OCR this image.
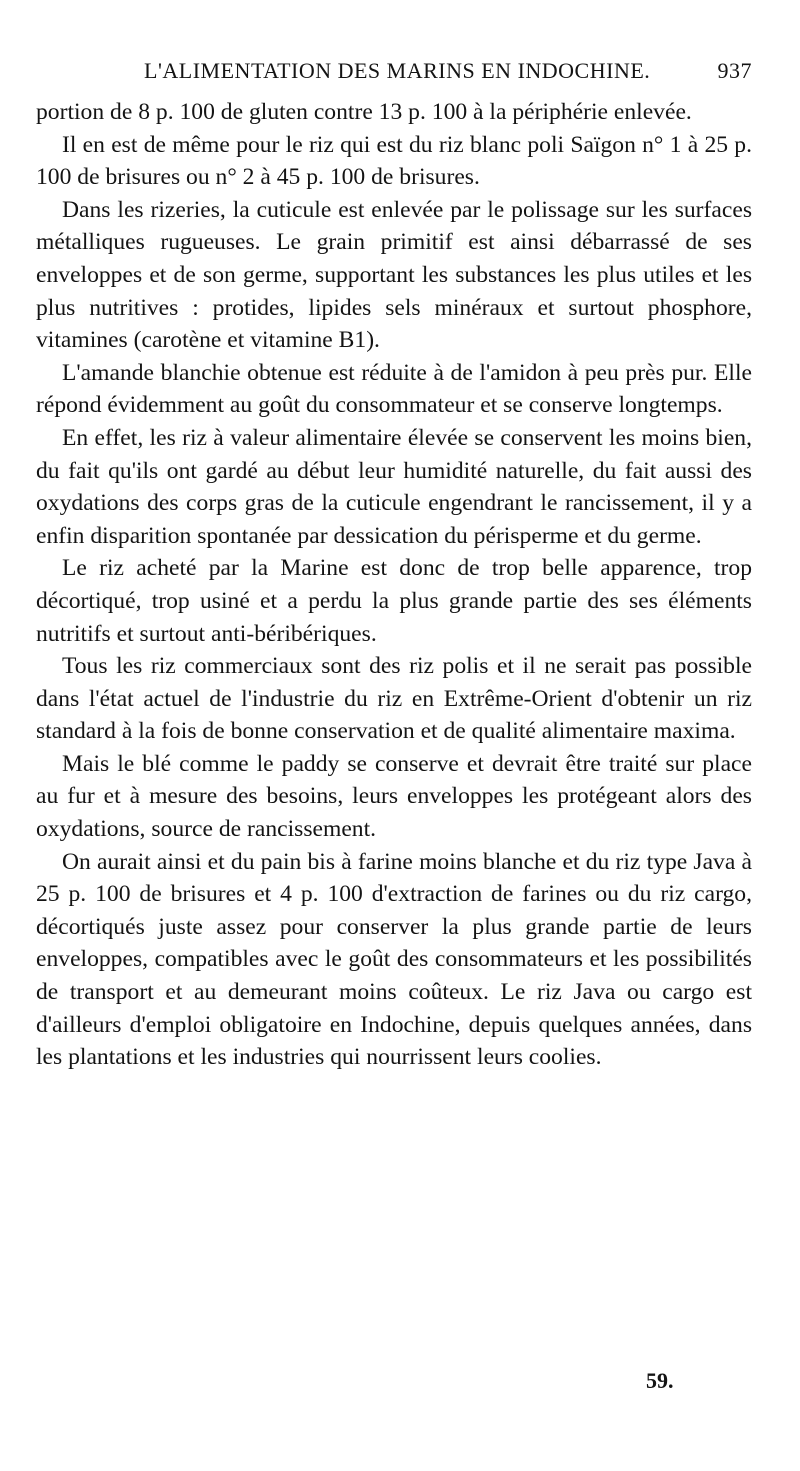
L'ALIMENTATION DES MARINS EN INDOCHINE.	937

portion de 8 p. 100 de gluten contre 13 p. 100 à la périphérie enlevée.

Il en est de même pour le riz qui est du riz blanc poli Saïgon n° 1 à 25 p. 100 de brisures ou n° 2 à 45 p. 100 de brisures.

Dans les rizeries, la cuticule est enlevée par le polissage sur les surfaces métalliques rugueuses. Le grain primitif est ainsi débarrassé de ses enveloppes et de son germe, supportant les substances les plus utiles et les plus nutritives : protides, lipides sels minéraux et surtout phosphore, vitamines (carotène et vitamine B1).

L'amande blanchie obtenue est réduite à de l'amidon à peu près pur. Elle répond évidemment au goût du consommateur et se conserve longtemps.

En effet, les riz à valeur alimentaire élevée se conservent les moins bien, du fait qu'ils ont gardé au début leur humidité naturelle, du fait aussi des oxydations des corps gras de la cuticule engendrant le rancissement, il y a enfin disparition spontanée par dessication du périsperme et du germe.

Le riz acheté par la Marine est donc de trop belle apparence, trop décortiqué, trop usiné et a perdu la plus grande partie des ses éléments nutritifs et surtout anti-béribériques.

Tous les riz commerciaux sont des riz polis et il ne serait pas possible dans l'état actuel de l'industrie du riz en Extrême-Orient d'obtenir un riz standard à la fois de bonne conservation et de qualité alimentaire maxima.

Mais le blé comme le paddy se conserve et devrait être traité sur place au fur et à mesure des besoins, leurs enveloppes les protégeant alors des oxydations, source de rancissement.

On aurait ainsi et du pain bis à farine moins blanche et du riz type Java à 25 p. 100 de brisures et 4 p. 100 d'extraction de farines ou du riz cargo, décortiqués juste assez pour conserver la plus grande partie de leurs enveloppes, compatibles avec le goût des consommateurs et les possibilités de transport et au demeurant moins coûteux. Le riz Java ou cargo est d'ailleurs d'emploi obligatoire en Indochine, depuis quelques années, dans les plantations et les industries qui nourrissent leurs coolies.

59.
